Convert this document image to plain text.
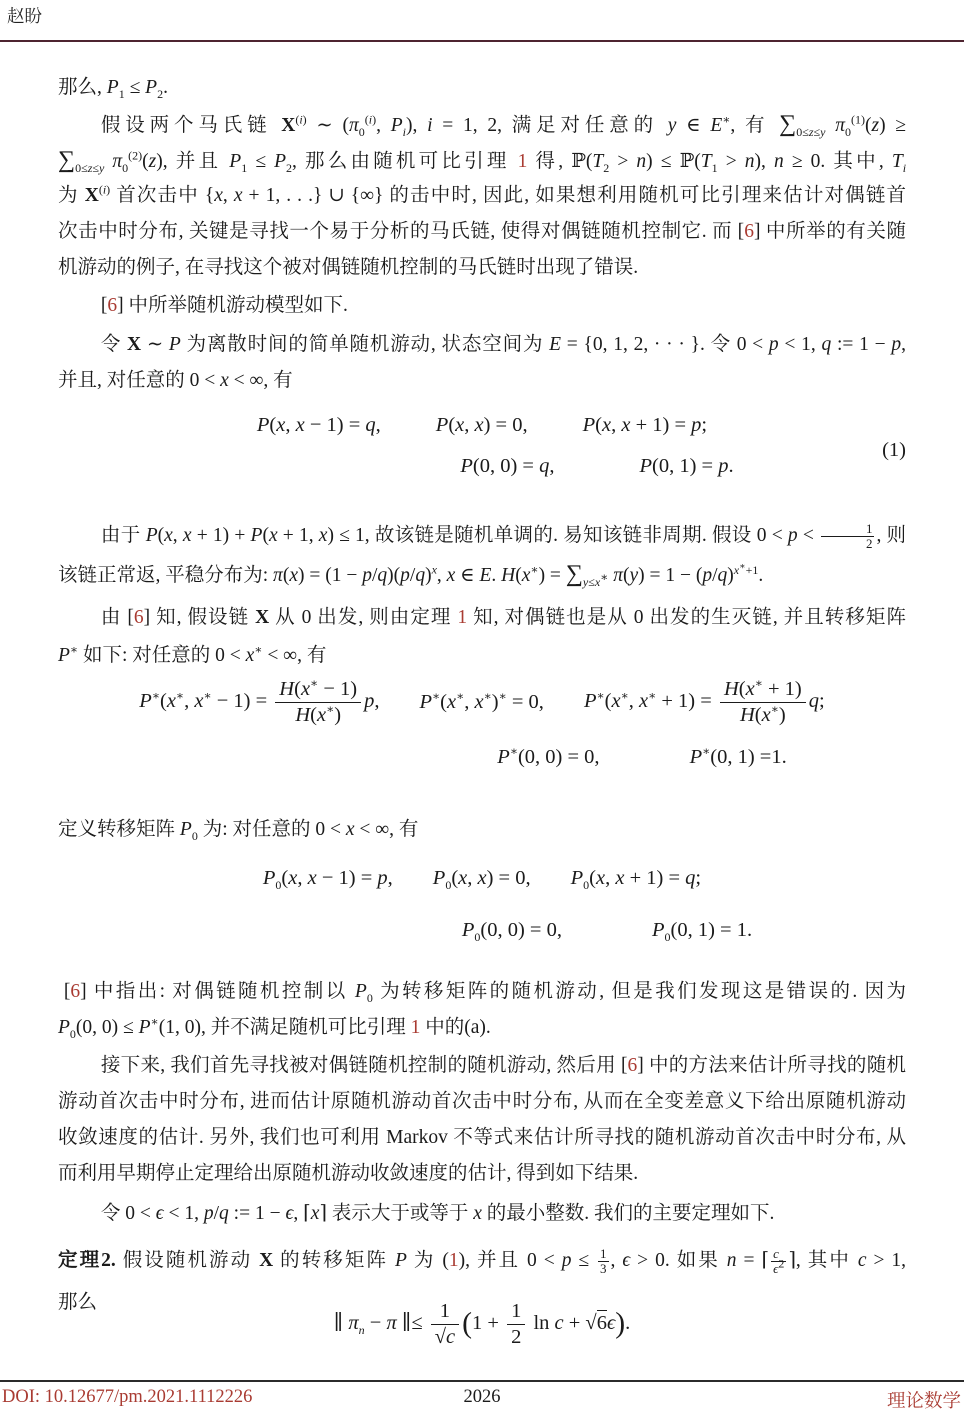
赵盼
那么, $P_1 \le P_2$.
假设两个马氏链 $X^{(i)}$ ∼ ($\pi_0^{(i)}$, $P_i$), i = 1, 2, 满足对任意的 y ∈ E∗, 有 $\sum_{0\le z\le y}$ $\pi_0^{(1)}(z)$ ≥
$\sum_{0\le z\le y}$ $\pi_0^{(2)}(z)$, 并且 $P_1 \le P_2$, 那么由随机可比引理 1 得, $ℙ(T_2 > n)$ ≤ $ℙ(T_1 > n)$, n ≥ 0. 其中, $T_i$
为 $X^{(i)}$ 首次击中 {x, x + 1, . . .} ∪ {∞} 的击中时, 因此, 如果想利用随机可比引理来估计对偶链首
次击中时分布, 关键是寻找一个易于分析的马氏链, 使得对偶链随机控制它. 而 [6] 中所举的有关随
机游动的例子, 在寻找这个被对偶链随机控制的马氏链时出现了错误.
[6] 中所举随机游动模型如下.
令 X ∼ P 为离散时间的简单随机游动, 状态空间为 E = {0, 1, 2, · · · }. 令 0 < p < 1, q := 1 − p,
并且, 对任意的 0 < x < ∞, 有
P(x, x − 1) = q,	P(x, x) = 0,	P(x, x + 1) = p;
P(0, 0) = q,	P(0, 1) = p.
(1)
由于 P(x, x + 1) + P(x + 1, x) ≤ 1, 故该链是随机单调的. 易知该链非周期. 假设 $0 < p < \frac{1}{2}$ , 则
该链正常返, 平稳分布为: $\pi(x) = (1 - p/q)(p/q)^x$, x ∈ E. $H(x^∗) = \sum_{y\le x^∗}$ $\pi(y) = 1 - (p/q)^{x^∗+1}$.
由 [6] 知, 假设链 X 从 0 出发, 则由定理 1 知, 对偶链也是从 0 出发的生灭链, 并且转移矩阵
P∗ 如下: 对任意的 0 < x∗ < ∞, 有
P∗(x∗, $x^∗ - 1) = \frac{H(x^∗ - 1)}{H(x^∗)} p$, P∗(x∗, x∗)∗ = 0, P∗(x∗, $x^∗ + 1) = \frac{H(x^∗ + 1)}{H(x^∗)} q$;
P∗(0, 0) = 0,	P∗(0, 1) =1.
定义转移矩阵 $P_0$ 为: 对任意的 0 < x < ∞, 有
$P_0(x$, x − 1) = p, $P_0(x$, x) = 0, $P_0(x$, x + 1) = q;
$P_0(0$, 0) = 0,	$P_0(0$, 1) = 1.
[6] 中指出: 对偶链随机控制以 $P_0$ 为转移矩阵的随机游动, 但是我们发现这是错误的. 因为
$P_0(0$, 0) ≤ P∗(1, 0), 并不满足随机可比引理 1 中的(a).
接下来, 我们首先寻找被对偶链随机控制的随机游动, 然后用 [6] 中的方法来估计所寻找的随机
游动首次击中时分布, 进而估计原随机游动首次击中时分布, 从而在全变差意义下给出原随机游动
收敛速度的估计. 另外, 我们也可利用 Markov 不等式来估计所寻找的随机游动首次击中时分布, 从
而利用早期停止定理给出原随机游动收敛速度的估计, 得到如下结果.
令 0 < ϵ < 1, p/q := 1 − ϵ, ⌈x⌉ 表示大于或等于 x 的最小整数. 我们的主要定理如下.
定理2. 假设随机游动 X 的转移矩阵 P 为 (1), 并且 $0 < p \le \frac{1}{3}$ , ϵ > 0. 如果 n = ⌈ $\frac{c}{\epsilon^2}$ ⌉, 其中 c > 1,
那么
∥ $\pi_n - \pi$ ∥≤ $\frac{1}{√c} (1 + \frac{1}{2}$ ln c + √6ϵ).
DOI: 10.12677/pm.2021.1112226	2026	理论数学
